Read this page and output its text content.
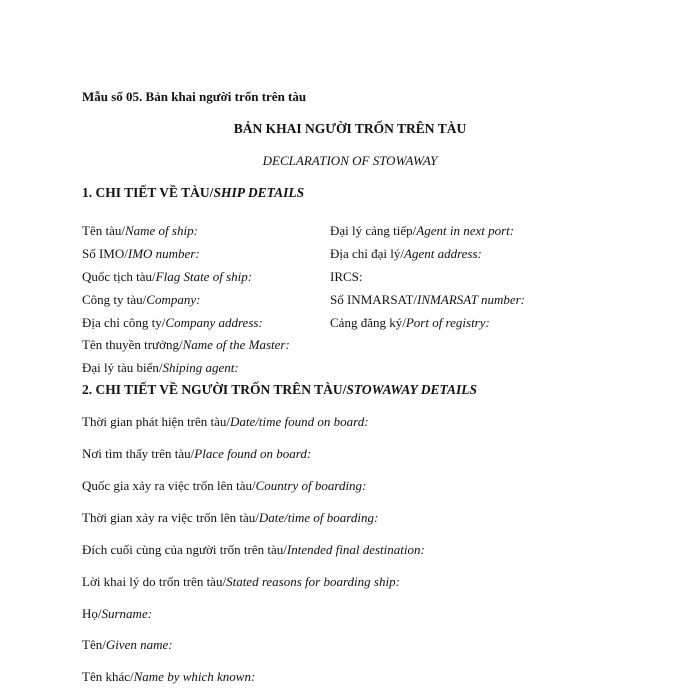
Mẫu số 05. Bản khai người trốn trên tàu
BẢN KHAI NGƯỜI TRỐN TRÊN TÀU
DECLARATION OF STOWAWAY
1. CHI TIẾT VỀ TÀU/SHIP DETAILS
Tên tàu/Name of ship:
Số IMO/IMO number:
Quốc tịch tàu/Flag State of ship:
Công ty tàu/Company:
Địa chỉ công ty/Company address:
Tên thuyền trưởng/Name of the Master:
Đại lý tàu biển/Shiping agent:
Đại lý cảng tiếp/Agent in next port:
Địa chỉ đại lý/Agent address:
IRCS:
Số INMARSAT/INMARSAT number:
Cảng đăng ký/Port of registry:
2. CHI TIẾT VỀ NGƯỜI TRỐN TRÊN TÀU/STOWAWAY DETAILS
Thời gian phát hiện trên tàu/Date/time found on board:
Nơi tìm thấy trên tàu/Place found on board:
Quốc gia xảy ra việc trốn lên tàu/Country of boarding:
Thời gian xảy ra việc trốn lên tàu/Date/time of boarding:
Đích cuối cùng của người trốn trên tàu/Intended final destination:
Lời khai lý do trốn trên tàu/Stated reasons for boarding ship:
Họ/Surname:
Tên/Given name:
Tên khác/Name by which known:
